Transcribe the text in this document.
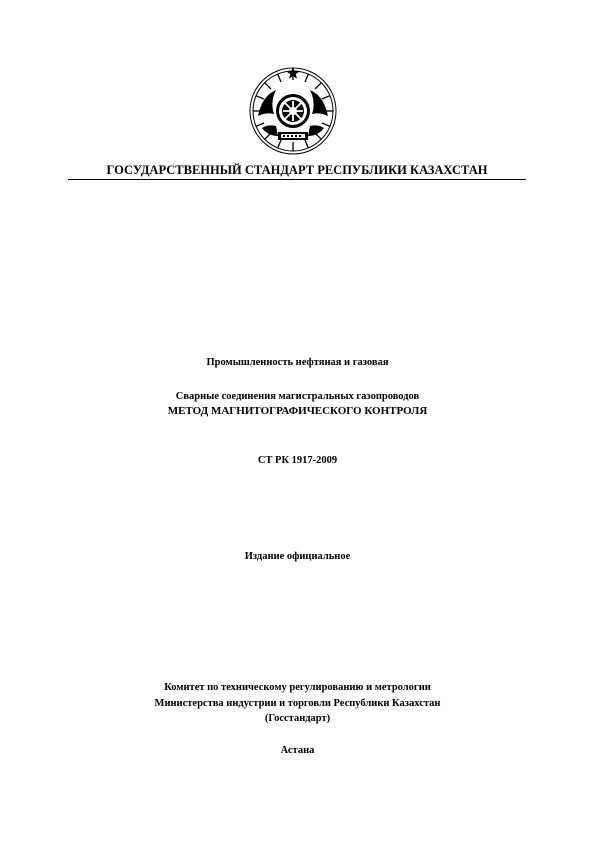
ГОСУДАРСТВЕННЫЙ СТАНДАРТ РЕСПУБЛИКИ КАЗАХСТАН
Промышленность нефтяная и газовая
Сварные соединения магистральных газопроводов
МЕТОД МАГНИТОГРАФИЧЕСКОГО КОНТРОЛЯ
СТ РК 1917-2009
Издание официальное
Комитет по техническому регулированию и метрологии
Министерства индустрии и торговли Республики Казахстан
(Госстандарт)
Астана
